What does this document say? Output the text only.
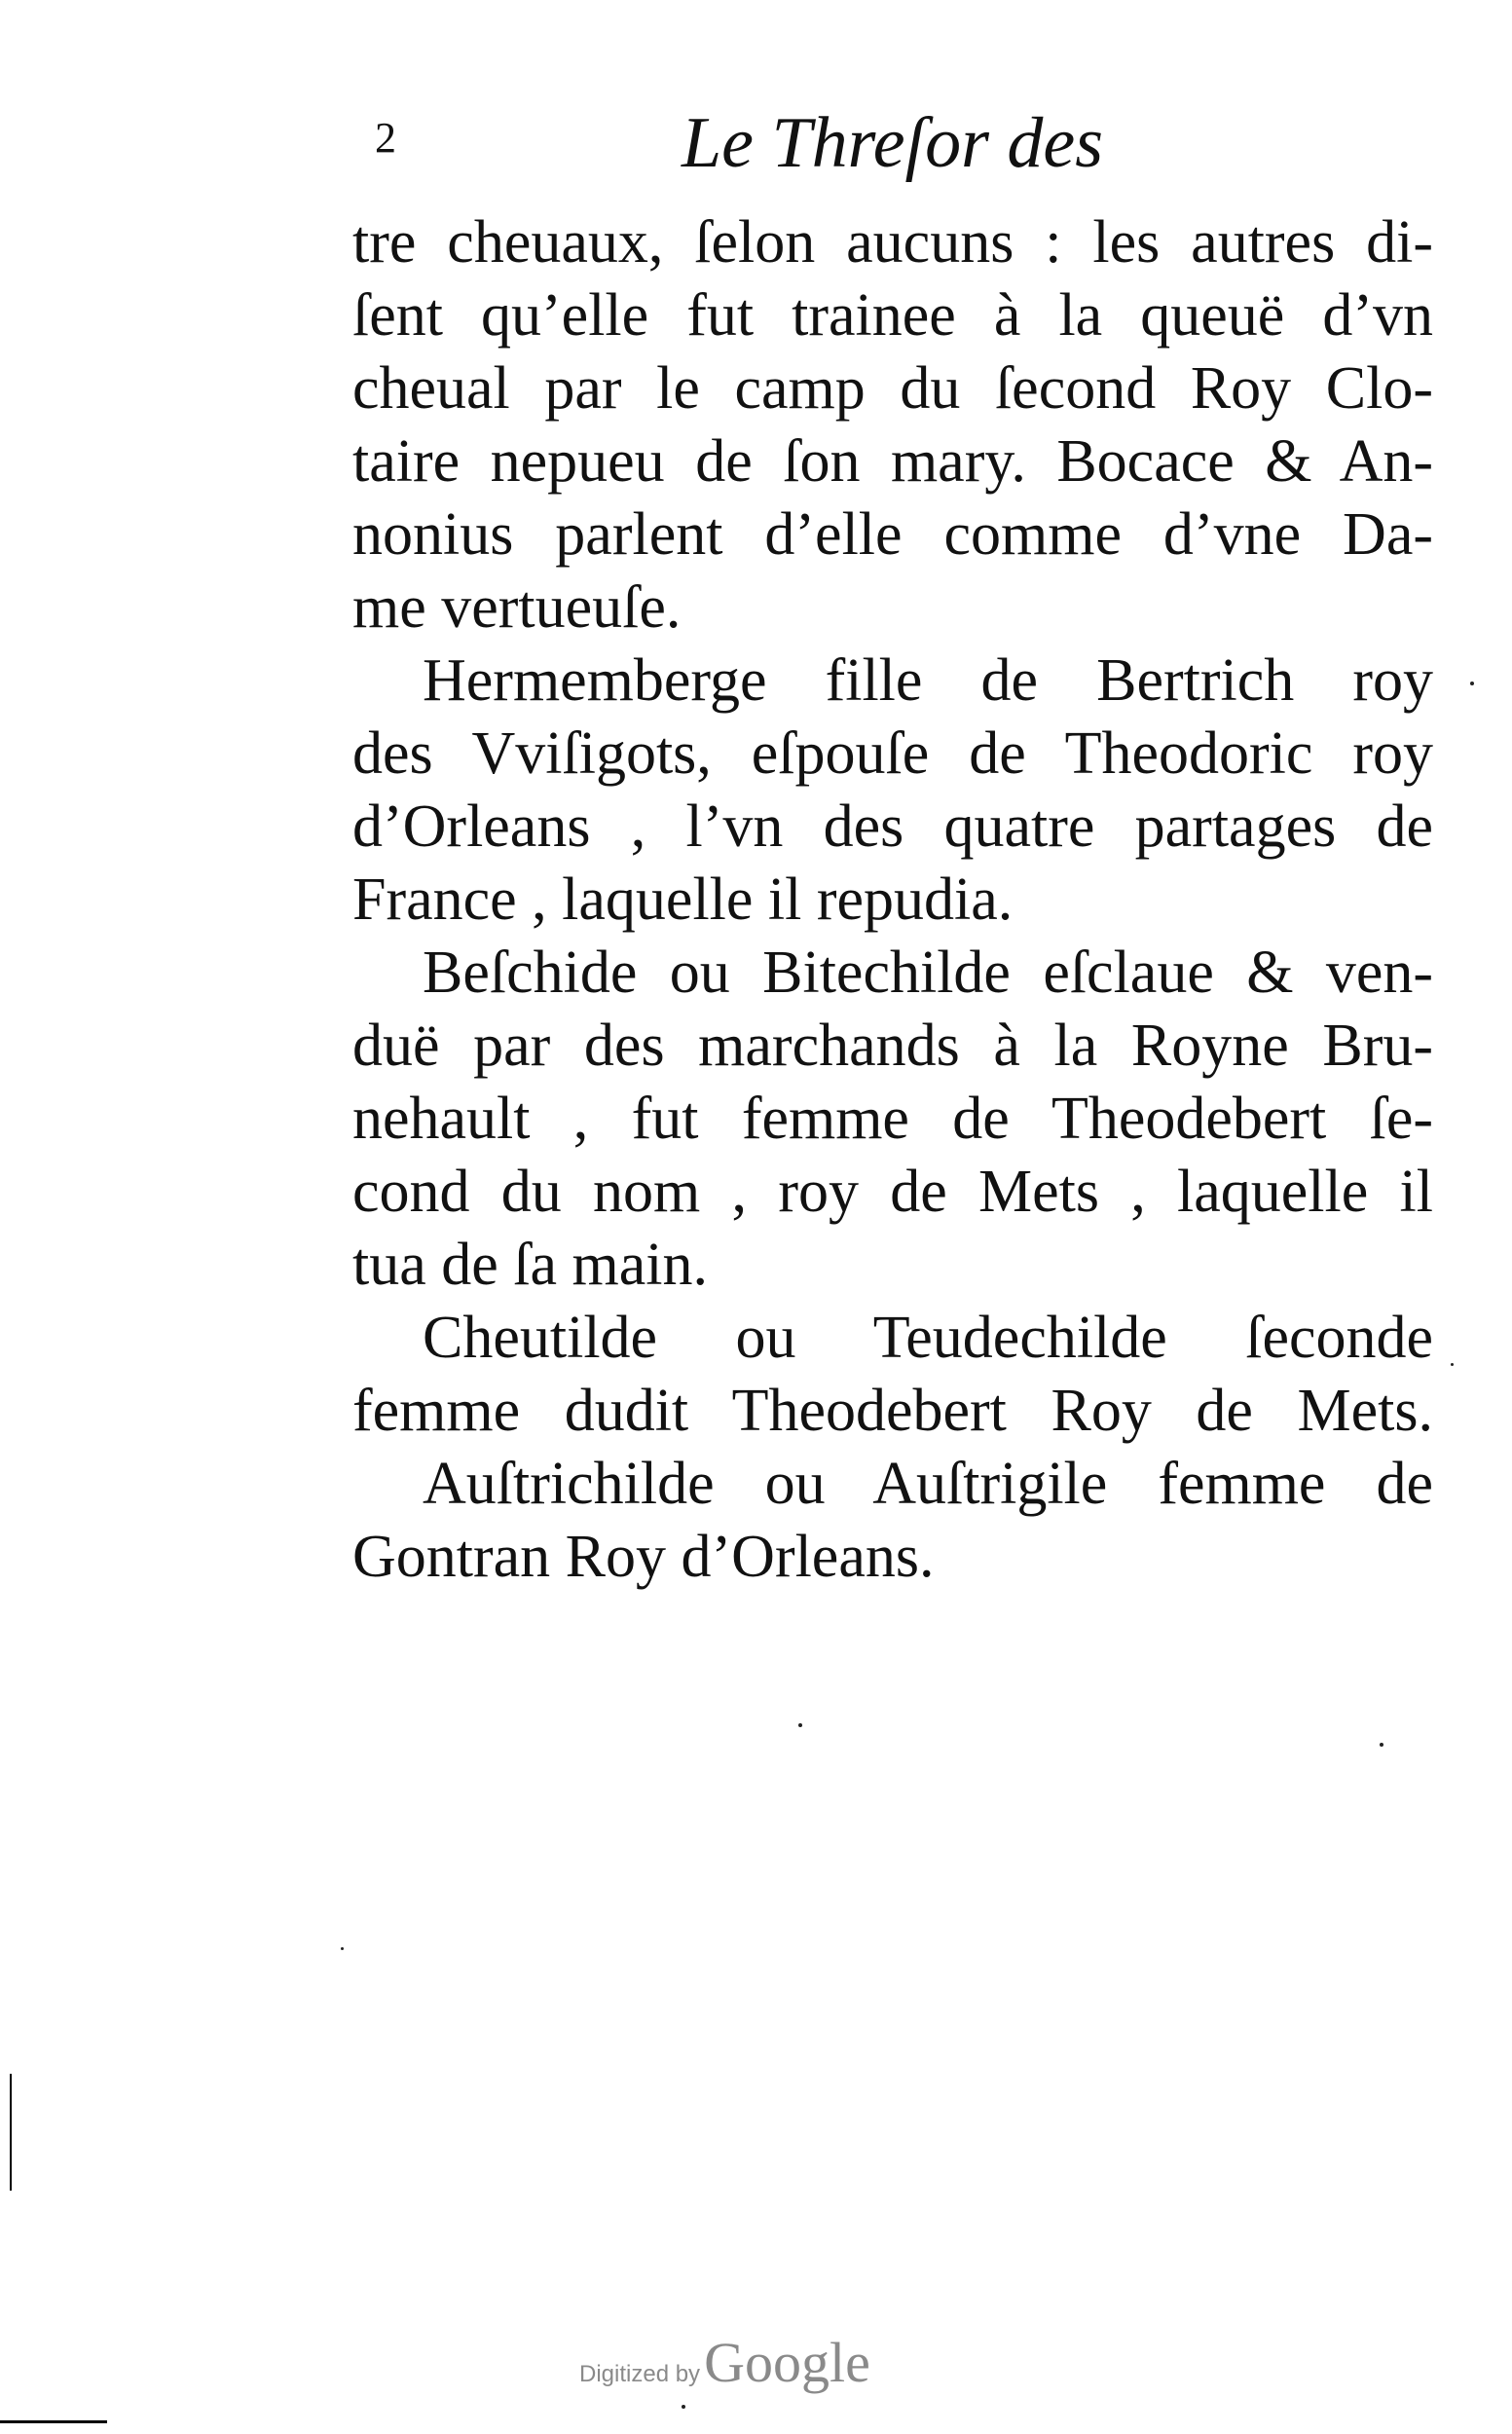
2	Le Threſor des
tre cheuaux, ſelon aucuns : les autres di-
ſent qu’elle fut trainee à la queuë d’vn
cheual par le camp du ſecond Roy Clo-
taire nepueu de ſon mary. Bocace & An-
nonius parlent d’elle comme d’vne Da-
me vertueuſe.
Hermemberge fille de Bertrich roy
des Vviſigots, eſpouſe de Theodoric roy
d’Orleans , l’vn des quatre partages de
France , laquelle il repudia.
Beſchide ou Bitechilde eſclaue & ven-
duë par des marchands à la Royne Bru-
nehault , fut femme de Theodebert ſe-
cond du nom , roy de Mets , laquelle il
tua de ſa main.
Cheutilde ou Teudechilde ſeconde
femme dudit Theodebert Roy de Mets.
Auſtrichilde ou Auſtrigile femme de
Gontran Roy d’Orleans.
Digitized by Google
